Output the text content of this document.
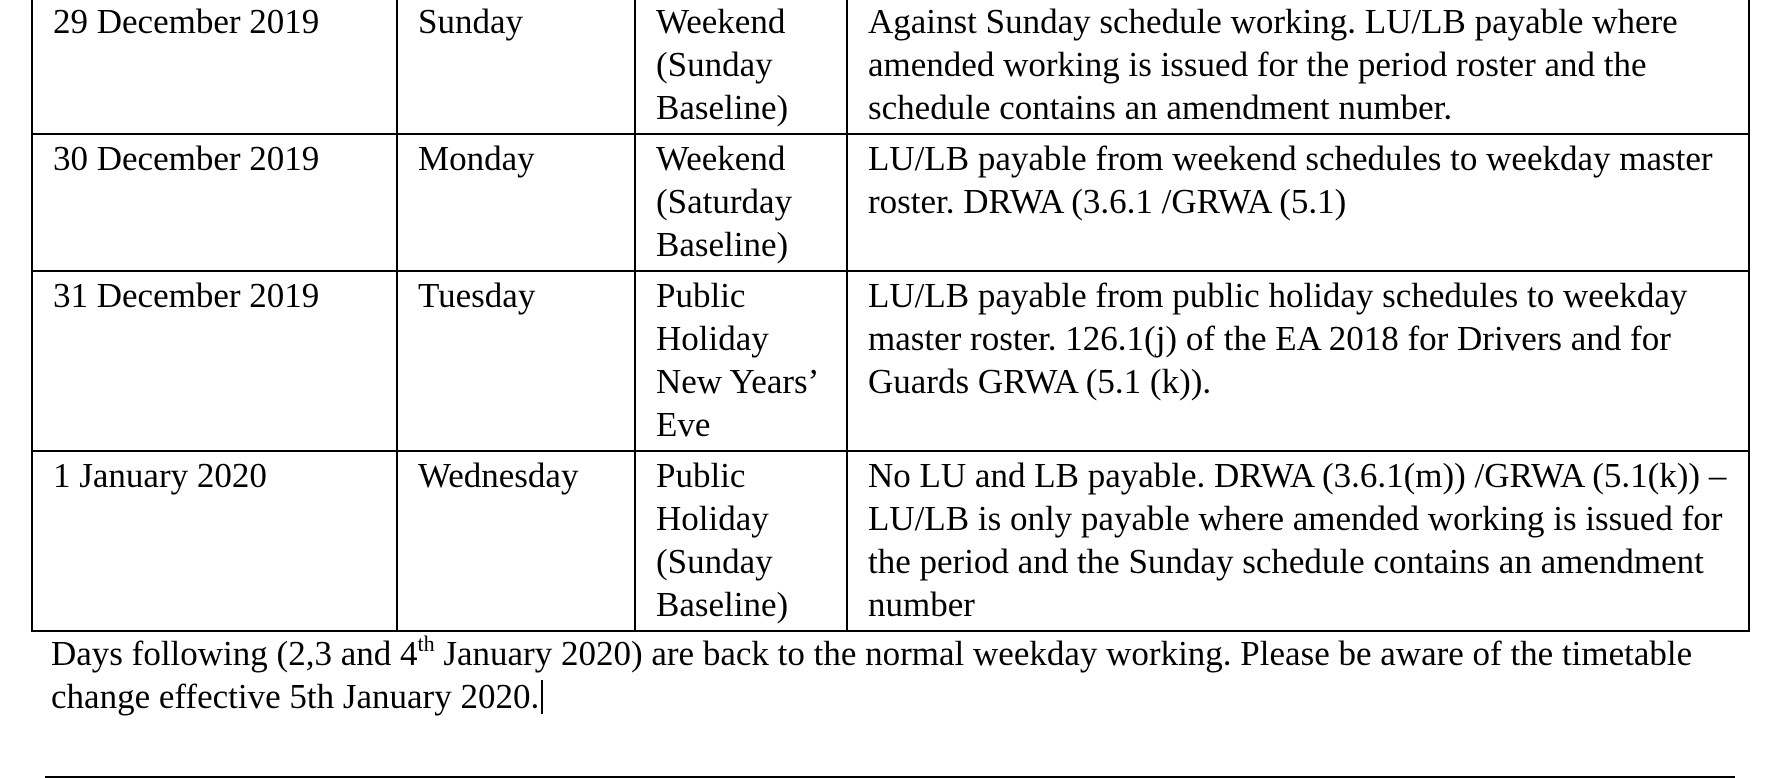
29 December 2019	Sunday	Weekend (Sunday Baseline)	Against Sunday schedule working. LU/LB payable where amended working is issued for the period roster and the schedule contains an amendment number.
30 December 2019	Monday	Weekend (Saturday Baseline)	LU/LB payable from weekend schedules to weekday master roster. DRWA (3.6.1 /GRWA (5.1)
31 December 2019	Tuesday	Public Holiday New Years’ Eve	LU/LB payable from public holiday schedules to weekday master roster. 126.1(j) of the EA 2018 for Drivers and for Guards GRWA (5.1 (k)).
1 January 2020	Wednesday	Public Holiday (Sunday Baseline)	No LU and LB payable. DRWA (3.6.1(m)) /GRWA (5.1(k)) – LU/LB is only payable where amended working is issued for the period and the Sunday schedule contains an amendment number
Days following (2,3 and 4th January 2020) are back to the normal weekday working. Please be aware of the timetable change effective 5th January 2020.
